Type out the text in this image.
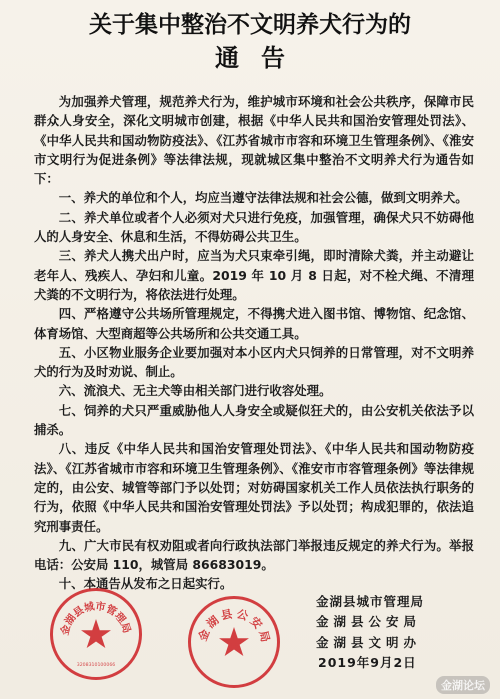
关于集中整治不文明养犬行为的
通告

为加强养犬管理，规范养犬行为，维护城市环境和社会公共秩序，保障市民群众人身安全，深化文明城市创建，根据《中华人民共和国治安管理处罚法》、《中华人民共和国动物防疫法》、《江苏省城市市容和环境卫生管理条例》、《淮安市文明行为促进条例》等法律法规，现就城区集中整治不文明养犬行为通告如下：

一、养犬的单位和个人，均应当遵守法律法规和社会公德，做到文明养犬。

二、养犬单位或者个人必须对犬只进行免疫，加强管理，确保犬只不妨碍他人的人身安全、休息和生活，不得妨碍公共卫生。

三、养犬人携犬出户时，应当为犬只束牵引绳，即时清除犬粪，并主动避让老年人、残疾人、孕妇和儿童。2019 年 10 月 8 日起，对不栓犬绳、不清理犬粪的不文明行为，将依法进行处理。

四、严格遵守公共场所管理规定，不得携犬进入图书馆、博物馆、纪念馆、体育场馆、大型商超等公共场所和公共交通工具。

五、小区物业服务企业要加强对本小区内犬只饲养的日常管理，对不文明养犬的行为及时劝说、制止。

六、流浪犬、无主犬等由相关部门进行收容处理。

七、饲养的犬只严重威胁他人人身安全或疑似狂犬的，由公安机关依法予以捕杀。

八、违反《中华人民共和国治安管理处罚法》、《中华人民共和国动物防疫法》、《江苏省城市市容和环境卫生管理条例》、《淮安市市容管理条例》等法律规定的，由公安、城管等部门予以处罚；对妨碍国家机关工作人员依法执行职务的行为，依照《中华人民共和国治安管理处罚法》予以处罚；构成犯罪的，依法追究刑事责任。

九、广大市民有权劝阻或者向行政执法部门举报违反规定的养犬行为。举报电话：公安局 110，城管局 86683019。

十、本通告从发布之日起实行。

金湖县城市管理局
3208310100066
金湖县公安局
金湖县城市管理局
金湖县公安局
金湖县文明办
2019年9月2日
金湖论坛
